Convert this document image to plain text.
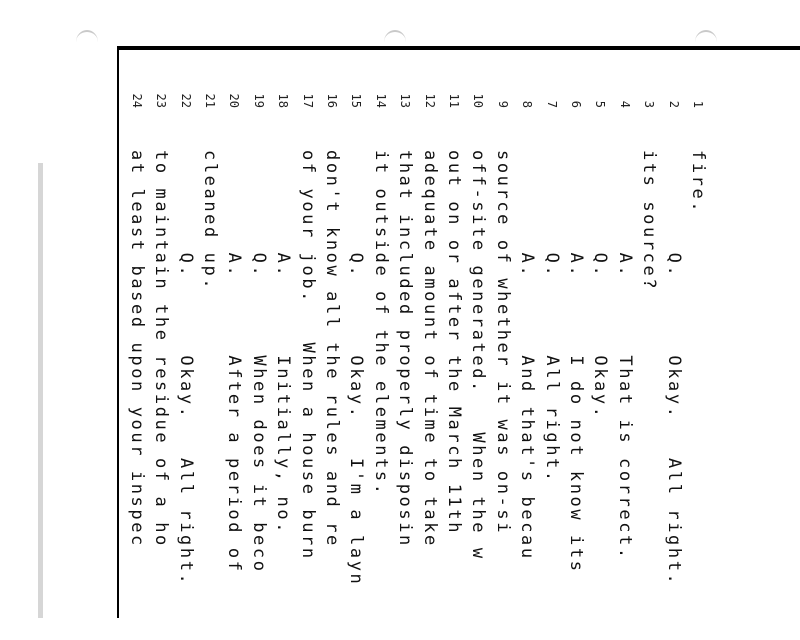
1
fire.
2
Q.      Okay.   All right.
3
its source?
4
A.      That is correct.
5
Q.      Okay.
6
A.      I do not know its
7
Q.      All right.
8
A.      And that's becau
9
source of whether it was on-si
10
off-site generated.   When the w
11
out on or after the March 11th
12
adequate amount of time to take
13
that included properly disposin
14
it outside of the elements.
15
Q.      Okay.   I'm a layn
16
don't know all the rules and re
17
of your job.   When a house burn
18
A.      Initially, no.
19
Q.      When does it beco
20
A.      After a period of
21
cleaned up.
22
Q.      Okay.   All right.
23
to maintain the residue of a ho
24
at least based upon your inspec
